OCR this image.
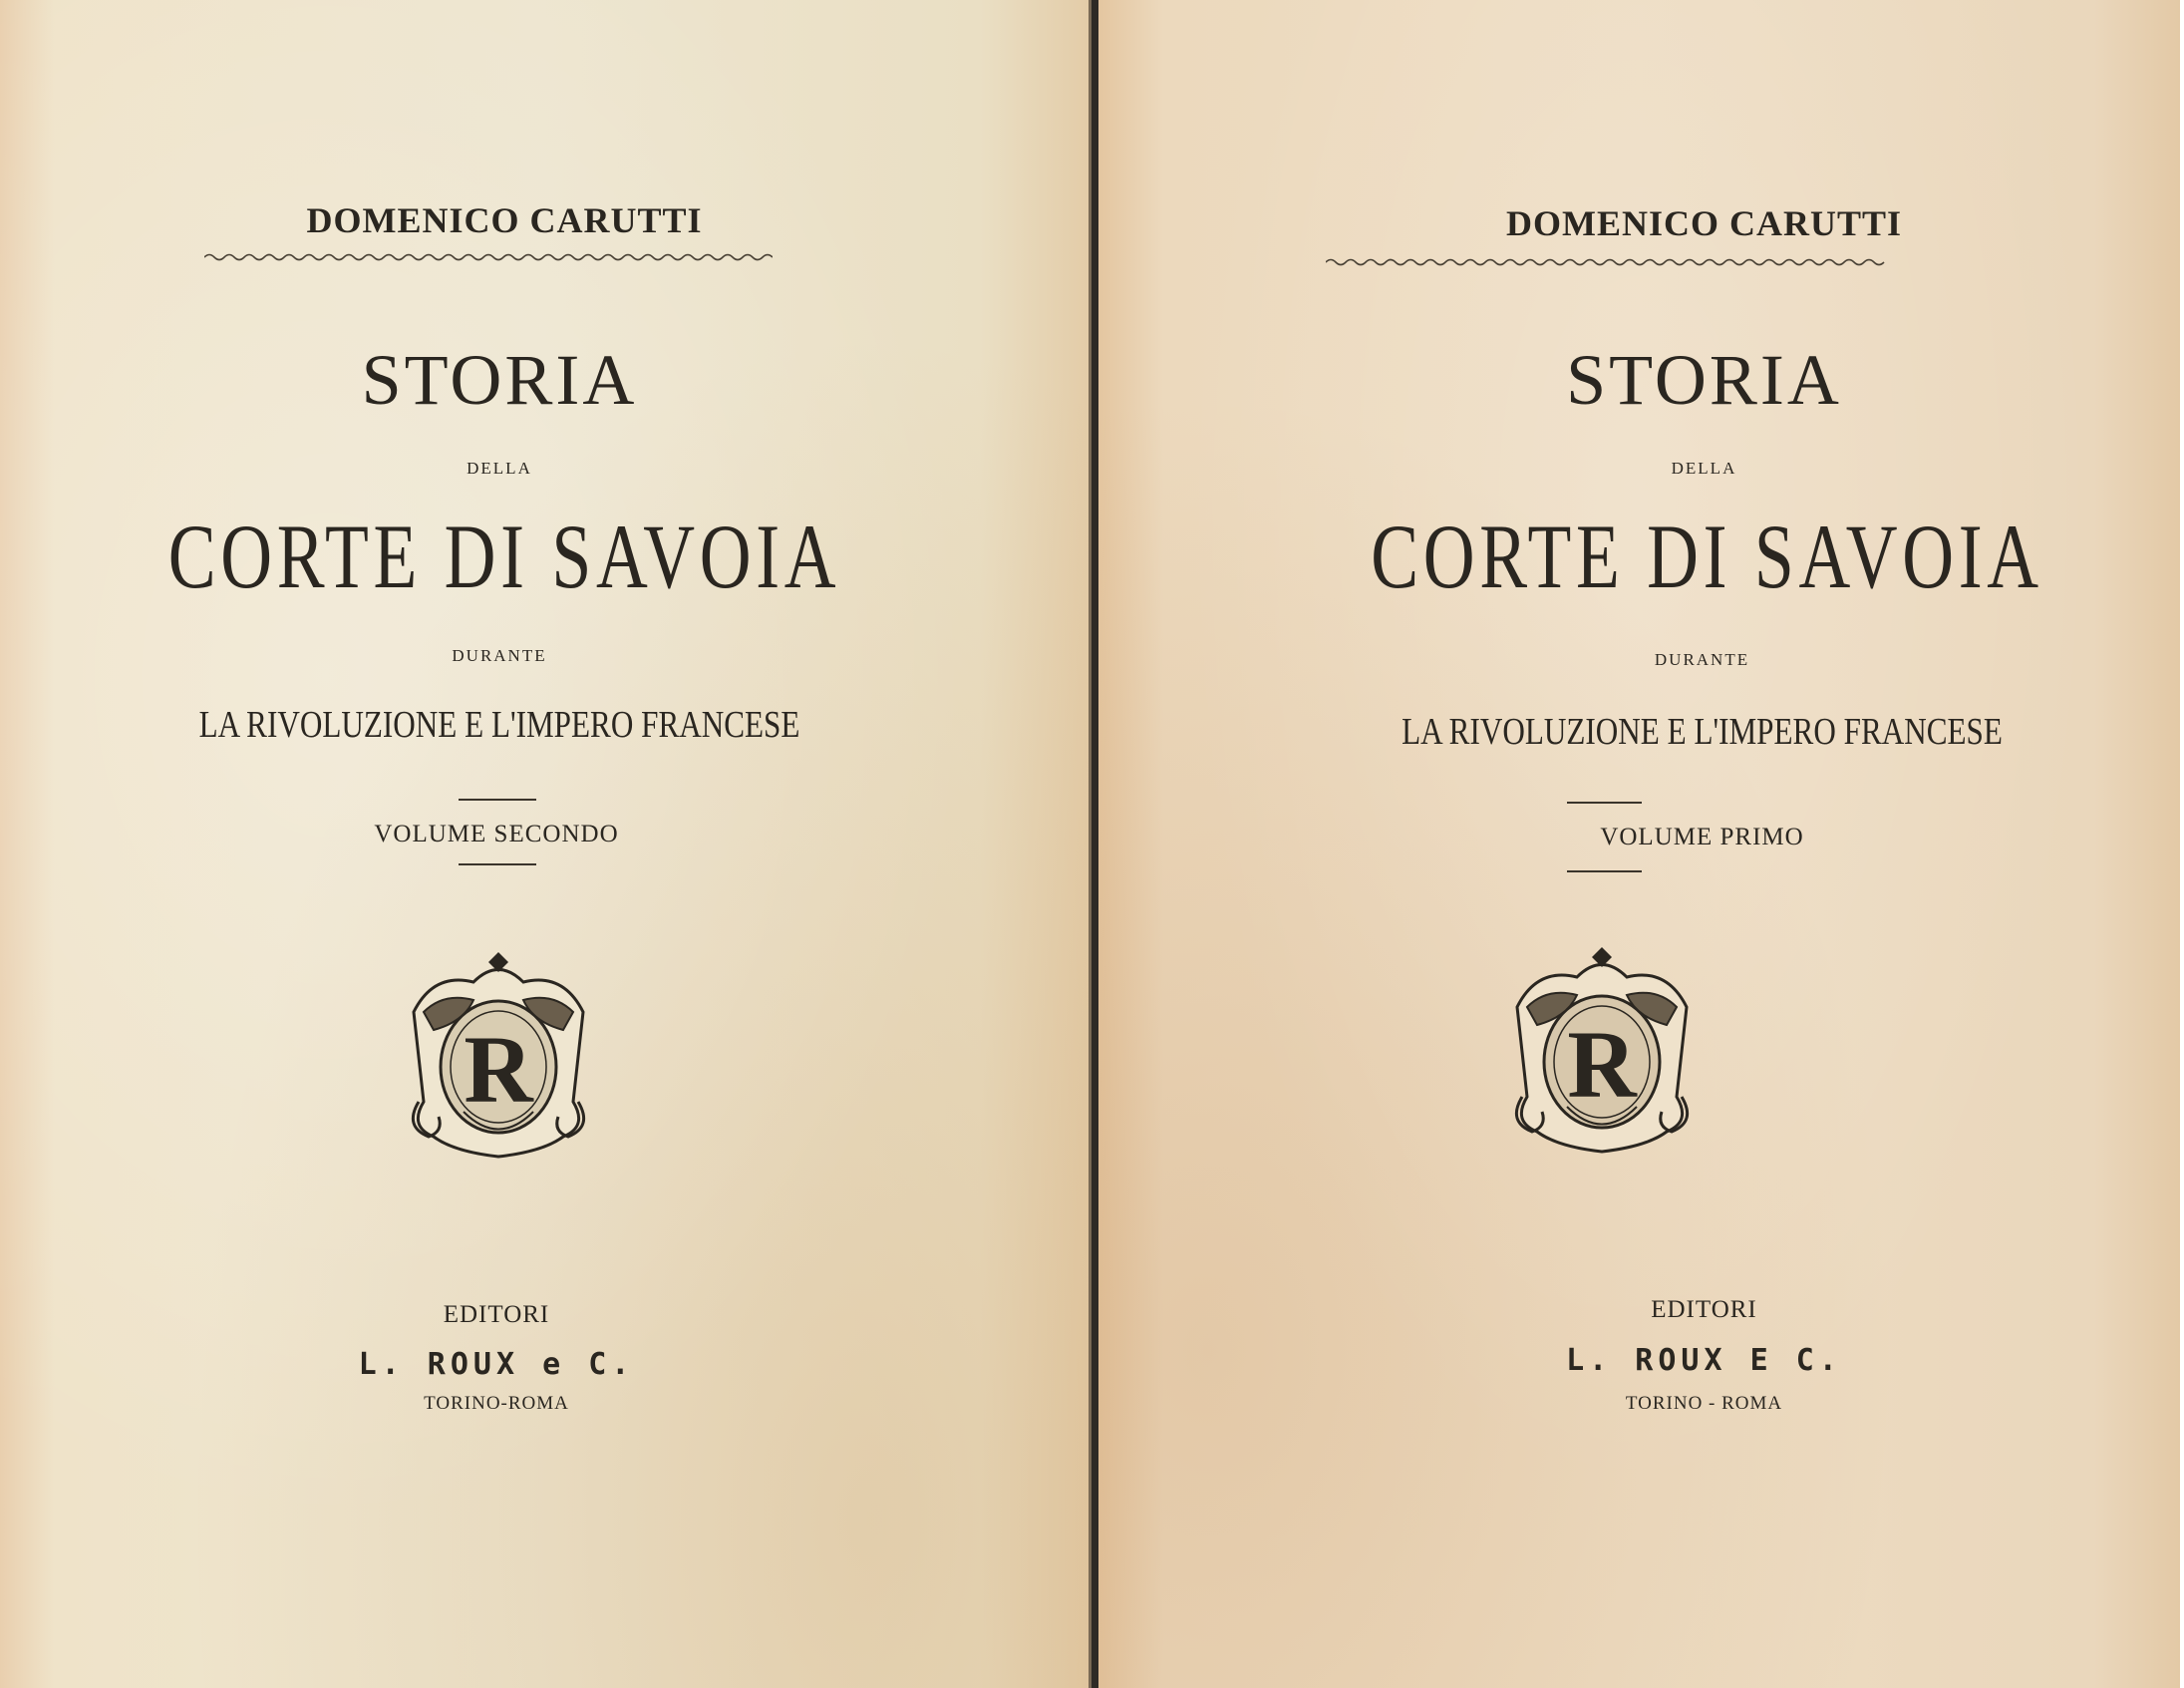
DOMENICO CARUTTI
STORIA
DELLA
CORTE DI SAVOIA
DURANTE
LA RIVOLUZIONE E L'IMPERO FRANCESE
VOLUME SECONDO
R
EDITORI
L. ROUX e C.
TORINO-ROMA
DOMENICO CARUTTI
STORIA
DELLA
CORTE DI SAVOIA
DURANTE
LA RIVOLUZIONE E L'IMPERO FRANCESE
VOLUME PRIMO
R
EDITORI
L. ROUX E C.
TORINO - ROMA
